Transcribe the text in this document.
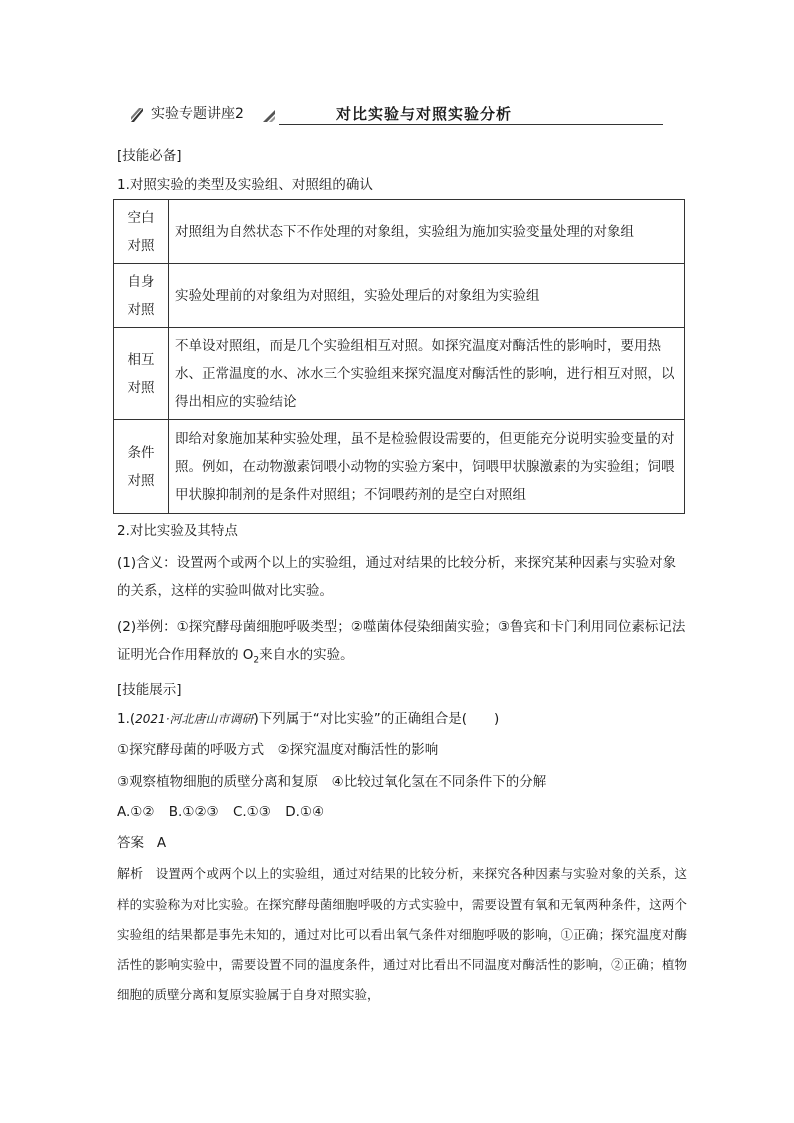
实验专题讲座2	对比实验与对照实验分析
[技能必备]
1.对照实验的类型及实验组、对照组的确认
空白
对照	对照组为自然状态下不作处理的对象组，实验组为施加实验变量处理的对象组
自身
对照	实验处理前的对象组为对照组，实验处理后的对象组为实验组
相互
对照	不单设对照组，而是几个实验组相互对照。如探究温度对酶活性的影响时，要用热水、正常温度的水、冰水三个实验组来探究温度对酶活性的影响，进行相互对照，以得出相应的实验结论
条件
对照	即给对象施加某种实验处理，虽不是检验假设需要的，但更能充分说明实验变量的对照。例如，在动物激素饲喂小动物的实验方案中，饲喂甲状腺激素的为实验组；饲喂甲状腺抑制剂的是条件对照组；不饲喂药剂的是空白对照组
2.对比实验及其特点
(1)含义：设置两个或两个以上的实验组，通过对结果的比较分析，来探究某种因素与实验对象的关系，这样的实验叫做对比实验。
(2)举例：①探究酵母菌细胞呼吸类型；②噬菌体侵染细菌实验；③鲁宾和卡门利用同位素标记法证明光合作用释放的 $O_2$来自水的实验。
[技能展示]
1.(2021·河北唐山市调研)下列属于“对比实验”的正确组合是(　　)
①探究酵母菌的呼吸方式　②探究温度对酶活性的影响
③观察植物细胞的质壁分离和复原　④比较过氧化氢在不同条件下的分解
A.①② B.①②③ C.①③ D.①④
答案 A
解析 设置两个或两个以上的实验组，通过对结果的比较分析，来探究各种因素与实验对象的关系，这样的实验称为对比实验。在探究酵母菌细胞呼吸的方式实验中，需要设置有氧和无氧两种条件，这两个实验组的结果都是事先未知的，通过对比可以看出氧气条件对细胞呼吸的影响，①正确；探究温度对酶活性的影响实验中，需要设置不同的温度条件，通过对比看出不同温度对酶活性的影响，②正确；植物细胞的质壁分离和复原实验属于自身对照实验，
